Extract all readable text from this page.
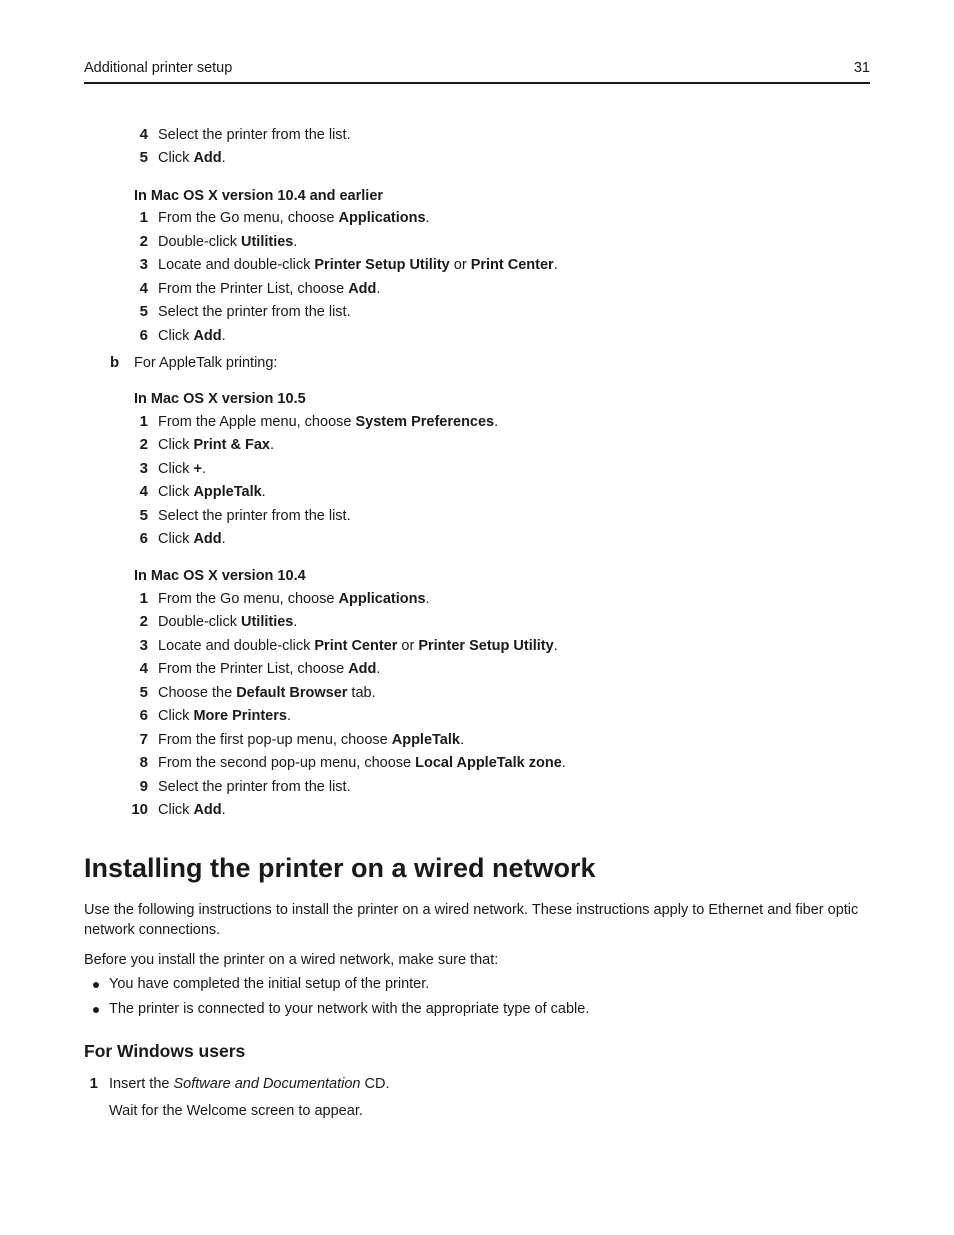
Additional printer setup	31
4 Select the printer from the list.
5 Click Add.
In Mac OS X version 10.4 and earlier
1 From the Go menu, choose Applications.
2 Double-click Utilities.
3 Locate and double-click Printer Setup Utility or Print Center.
4 From the Printer List, choose Add.
5 Select the printer from the list.
6 Click Add.
b For AppleTalk printing:
In Mac OS X version 10.5
1 From the Apple menu, choose System Preferences.
2 Click Print & Fax.
3 Click +.
4 Click AppleTalk.
5 Select the printer from the list.
6 Click Add.
In Mac OS X version 10.4
1 From the Go menu, choose Applications.
2 Double-click Utilities.
3 Locate and double-click Print Center or Printer Setup Utility.
4 From the Printer List, choose Add.
5 Choose the Default Browser tab.
6 Click More Printers.
7 From the first pop-up menu, choose AppleTalk.
8 From the second pop-up menu, choose Local AppleTalk zone.
9 Select the printer from the list.
10 Click Add.
Installing the printer on a wired network
Use the following instructions to install the printer on a wired network. These instructions apply to Ethernet and fiber optic network connections.
Before you install the printer on a wired network, make sure that:
You have completed the initial setup of the printer.
The printer is connected to your network with the appropriate type of cable.
For Windows users
1 Insert the Software and Documentation CD.
Wait for the Welcome screen to appear.
